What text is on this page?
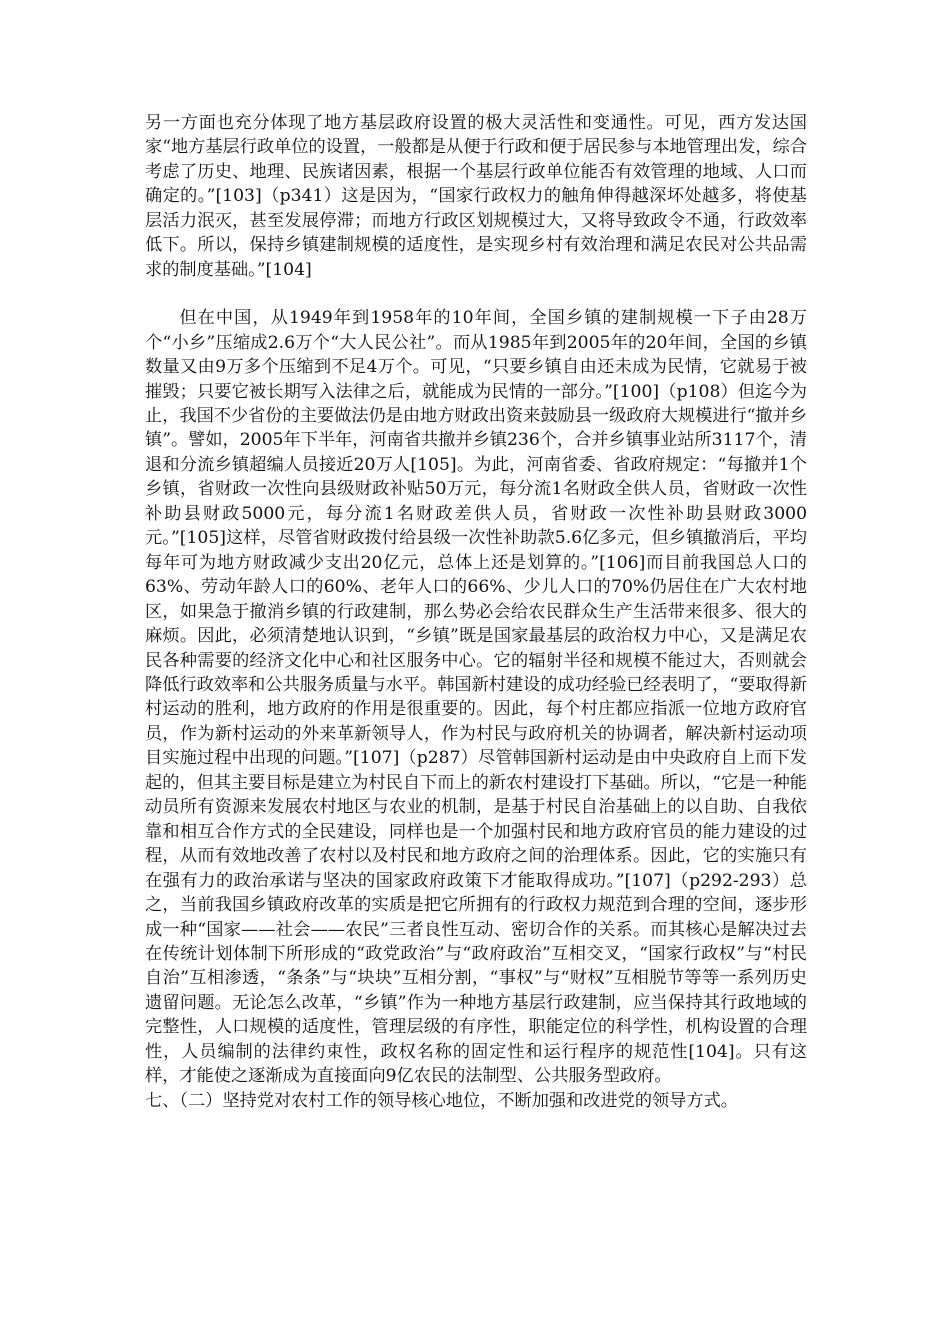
另一方面也充分体现了地方基层政府设置的极大灵活性和变通性。可见，西方发达国家“地方基层行政单位的设置，一般都是从便于行政和便于居民参与本地管理出发，综合考虑了历史、地理、民族诸因素，根据一个基层行政单位能否有效管理的地域、人口而确定的。”[103]（p341）这是因为，“国家行政权力的触角伸得越深坏处越多，将使基层活力泯灭，甚至发展停滞；而地方行政区划规模过大，又将导致政令不通，行政效率低下。所以，保持乡镇建制规模的适度性，是实现乡村有效治理和满足农民对公共品需求的制度基础。”[104]

但在中国，从1949年到1958年的10年间，全国乡镇的建制规模一下子由28万个“小乡”压缩成2.6万个“大人民公社”。而从1985年到2005年的20年间，全国的乡镇数量又由9万多个压缩到不足4万个。可见，“只要乡镇自由还未成为民情，它就易于被摧毁；只要它被长期写入法律之后，就能成为民情的一部分。”[100]（p108）但迄今为止，我国不少省份的主要做法仍是由地方财政出资来鼓励县一级政府大规模进行“撤并乡镇”。譬如，2005年下半年，河南省共撤并乡镇236个，合并乡镇事业站所3117个，清退和分流乡镇超编人员接近20万人[105]。为此，河南省委、省政府规定：“每撤并1个乡镇，省财政一次性向县级财政补贴50万元，每分流1名财政全供人员，省财政一次性补助县财政5000元，每分流1名财政差供人员，省财政一次性补助县财政3000元。”[105]这样，尽管省财政拨付给县级一次性补助款5.6亿多元，但乡镇撤消后，平均每年可为地方财政减少支出20亿元，总体上还是划算的。”[106]而目前我国总人口的63%、劳动年龄人口的60%、老年人口的66%、少儿人口的70%仍居住在广大农村地区，如果急于撤消乡镇的行政建制，那么势必会给农民群众生产生活带来很多、很大的麻烦。因此，必须清楚地认识到，“乡镇”既是国家最基层的政治权力中心，又是满足农民各种需要的经济文化中心和社区服务中心。它的辐射半径和规模不能过大，否则就会降低行政效率和公共服务质量与水平。韩国新村建设的成功经验已经表明了，“要取得新村运动的胜利，地方政府的作用是很重要的。因此，每个村庄都应指派一位地方政府官员，作为新村运动的外来革新领导人，作为村民与政府机关的协调者，解决新村运动项目实施过程中出现的问题。”[107]（p287）尽管韩国新村运动是由中央政府自上而下发起的，但其主要目标是建立为村民自下而上的新农村建设打下基础。所以，“它是一种能动员所有资源来发展农村地区与农业的机制，是基于村民自治基础上的以自助、自我依靠和相互合作方式的全民建设，同样也是一个加强村民和地方政府官员的能力建设的过程，从而有效地改善了农村以及村民和地方政府之间的治理体系。因此，它的实施只有在强有力的政治承诺与坚决的国家政府政策下才能取得成功。”[107]（p292-293）总之，当前我国乡镇政府改革的实质是把它所拥有的行政权力规范到合理的空间，逐步形成一种“国家——社会——农民”三者良性互动、密切合作的关系。而其核心是解决过去在传统计划体制下所形成的“政党政治”与“政府政治”互相交叉，“国家行政权”与“村民自治”互相渗透，“条条”与“块块”互相分割，“事权”与“财权”互相脱节等等一系列历史遗留问题。无论怎么改革，“乡镇”作为一种地方基层行政建制，应当保持其行政地域的完整性，人口规模的适度性，管理层级的有序性，职能定位的科学性，机构设置的合理性，人员编制的法律约束性，政权名称的固定性和运行程序的规范性[104]。只有这样，才能使之逐渐成为直接面向9亿农民的法制型、公共服务型政府。

七、（二）坚持党对农村工作的领导核心地位，不断加强和改进党的领导方式。
